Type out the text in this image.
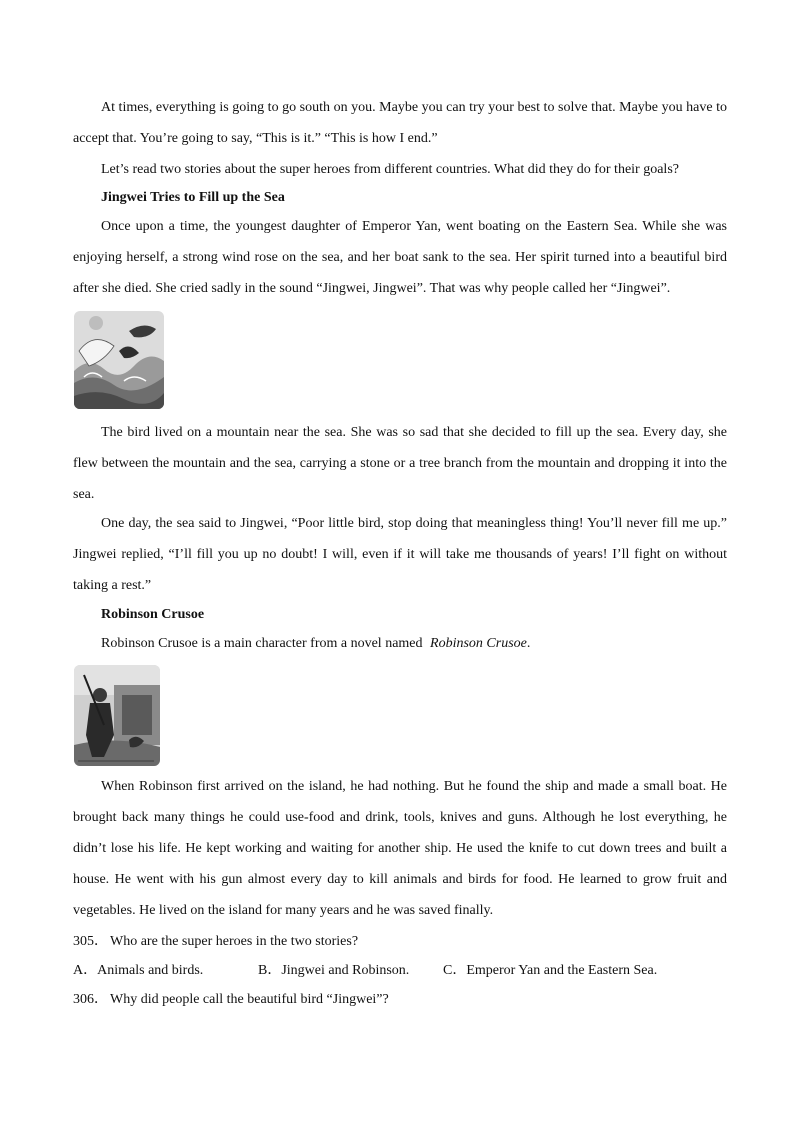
At times, everything is going to go south on you. Maybe you can try your best to solve that. Maybe you have to accept that. You’re going to say, “This is it.” “This is how I end.”

Let’s read two stories about the super heroes from different countries. What did they do for their goals?

Jingwei Tries to Fill up the Sea

Once upon a time, the youngest daughter of Emperor Yan, went boating on the Eastern Sea. While she was enjoying herself, a strong wind rose on the sea, and her boat sank to the sea. Her spirit turned into a beautiful bird after she died. She cried sadly in the sound “Jingwei, Jingwei”. That was why people called her “Jingwei”.

The bird lived on a mountain near the sea. She was so sad that she decided to fill up the sea. Every day, she flew between the mountain and the sea, carrying a stone or a tree branch from the mountain and dropping it into the sea.

One day, the sea said to Jingwei, “Poor little bird, stop doing that meaningless thing! You’ll never fill me up.” Jingwei replied, “I’ll fill you up no doubt! I will, even if it will take me thousands of years! I’ll fight on without taking a rest.”

Robinson Crusoe

Robinson Crusoe is a main character from a novel named Robinson Crusoe.

When Robinson first arrived on the island, he had nothing. But he found the ship and made a small boat. He brought back many things he could use-food and drink, tools, knives and guns. Although he lost everything, he didn’t lose his life. He kept working and waiting for another ship. He used the knife to cut down trees and built a house. He went with his gun almost every day to kill animals and birds for food. He learned to grow fruit and vegetables. He lived on the island for many years and he was saved finally.

305． Who are the super heroes in the two stories?

A．Animals and birds.	B．Jingwei and Robinson. C．Emperor Yan and the Eastern Sea.

306． Why did people call the beautiful bird “Jingwei”?
